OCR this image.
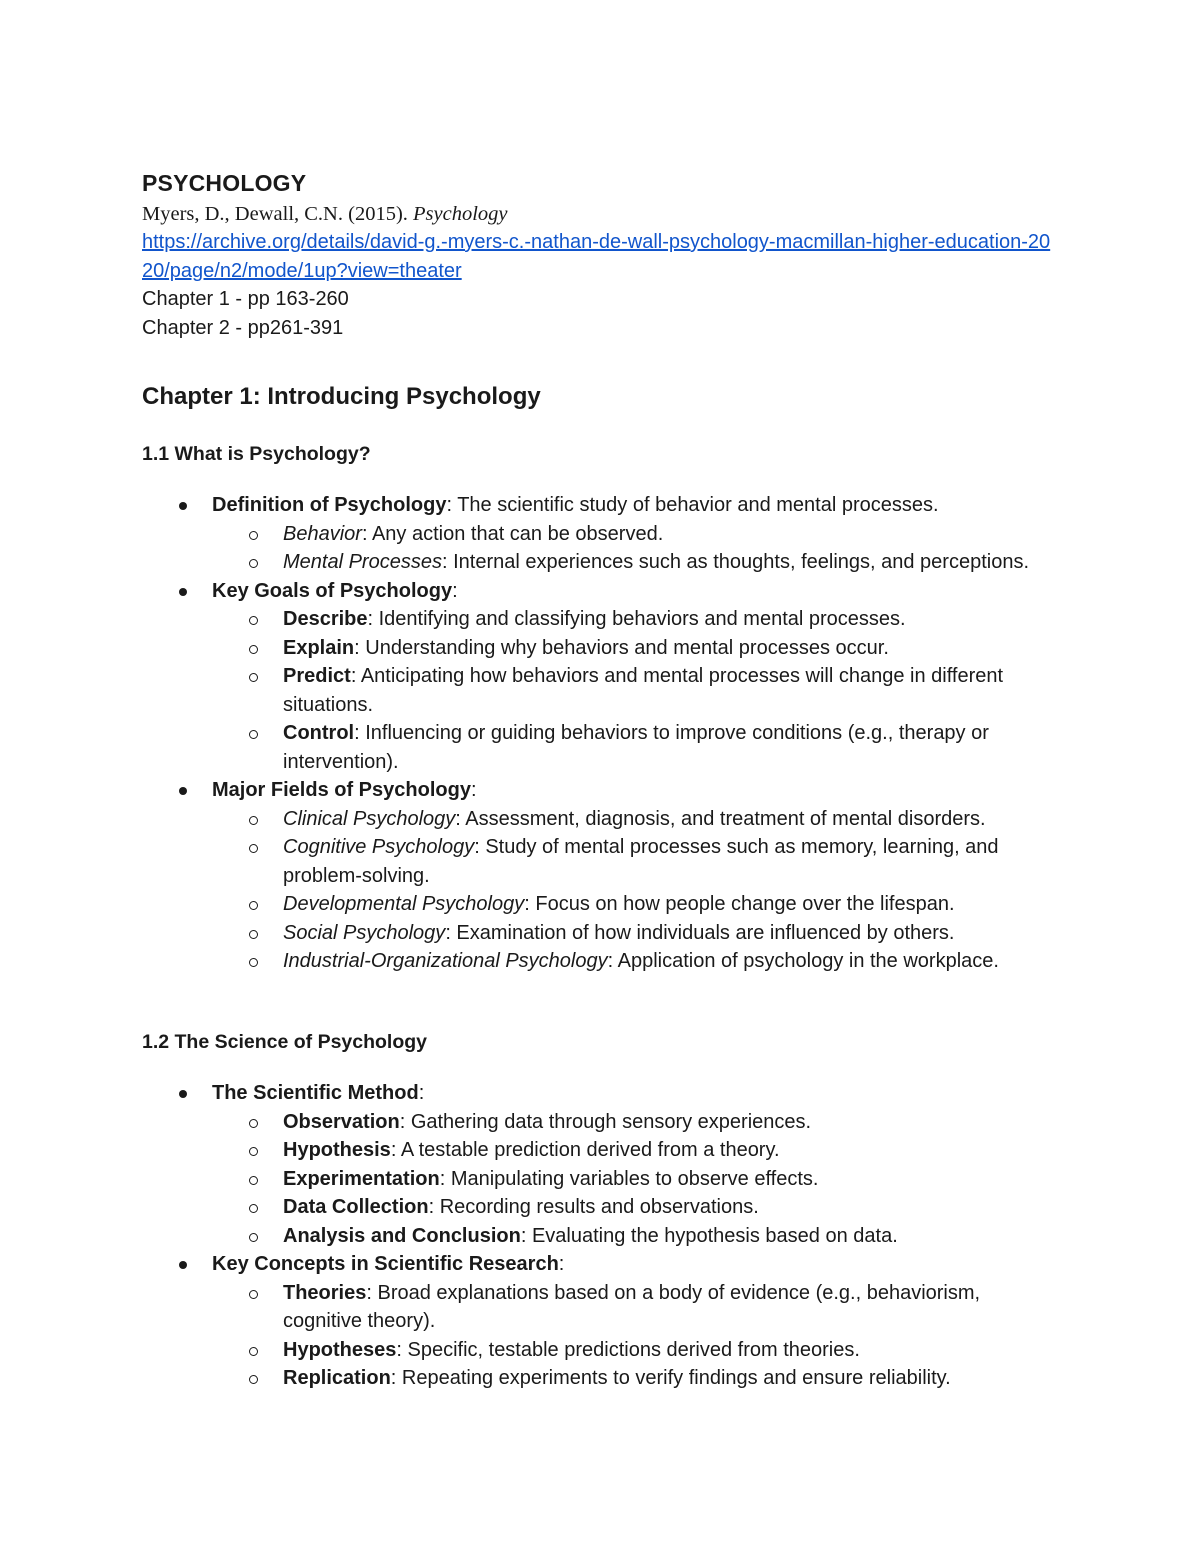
PSYCHOLOGY

Myers, D., Dewall, C.N. (2015). Psychology

https://archive.org/details/david-g.-myers-c.-nathan-de-wall-psychology-macmillan-higher-education-2020/page/n2/mode/1up?view=theater

Chapter 1 - pp 163-260

Chapter 2 - pp261-391

Chapter 1: Introducing Psychology
1.1 What is Psychology?
Definition of Psychology: The scientific study of behavior and mental processes.
Behavior: Any action that can be observed.
Mental Processes: Internal experiences such as thoughts, feelings, and perceptions.
Key Goals of Psychology:
Describe: Identifying and classifying behaviors and mental processes.
Explain: Understanding why behaviors and mental processes occur.
Predict: Anticipating how behaviors and mental processes will change in different situations.
Control: Influencing or guiding behaviors to improve conditions (e.g., therapy or intervention).
Major Fields of Psychology:
Clinical Psychology: Assessment, diagnosis, and treatment of mental disorders.
Cognitive Psychology: Study of mental processes such as memory, learning, and problem-solving.
Developmental Psychology: Focus on how people change over the lifespan.
Social Psychology: Examination of how individuals are influenced by others.
Industrial-Organizational Psychology: Application of psychology in the workplace.
1.2 The Science of Psychology
The Scientific Method:
Observation: Gathering data through sensory experiences.
Hypothesis: A testable prediction derived from a theory.
Experimentation: Manipulating variables to observe effects.
Data Collection: Recording results and observations.
Analysis and Conclusion: Evaluating the hypothesis based on data.
Key Concepts in Scientific Research:
Theories: Broad explanations based on a body of evidence (e.g., behaviorism, cognitive theory).
Hypotheses: Specific, testable predictions derived from theories.
Replication: Repeating experiments to verify findings and ensure reliability.
